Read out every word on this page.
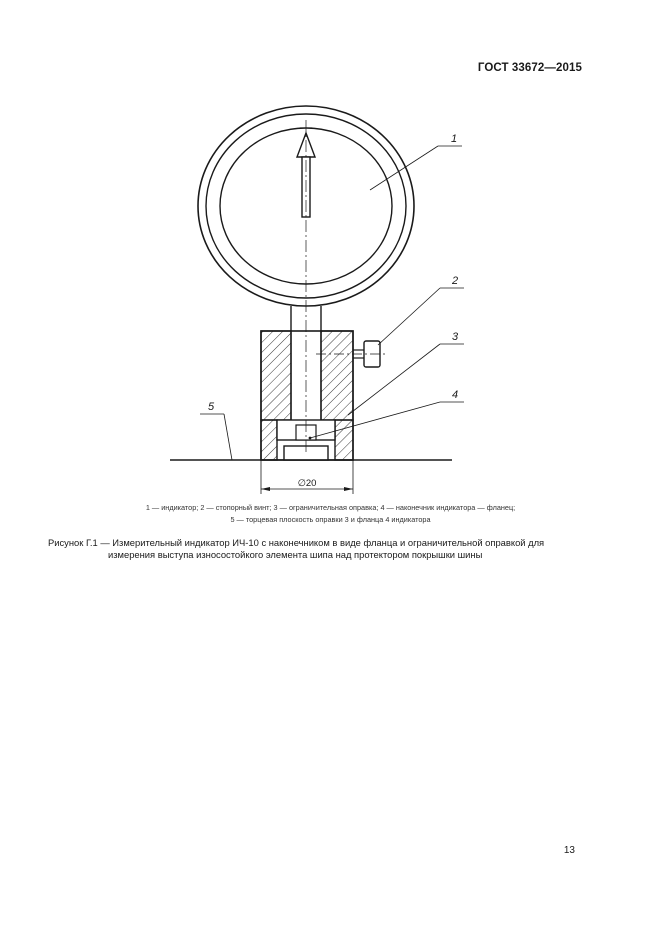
ГОСТ 33672—2015
∅20
1
2
3
4
5
1 — индикатор; 2 — стопорный винт; 3 — ограничительная оправка; 4 — наконечник индикатора — фланец;
5 — торцевая плоскость оправки 3 и фланца 4 индикатора
Рисунок Г.1 — Измерительный индикатор ИЧ-10 с наконечником в виде фланца и ограничительной оправкой для
измерения выступа износостойкого элемента шипа над протектором покрышки шины
13
